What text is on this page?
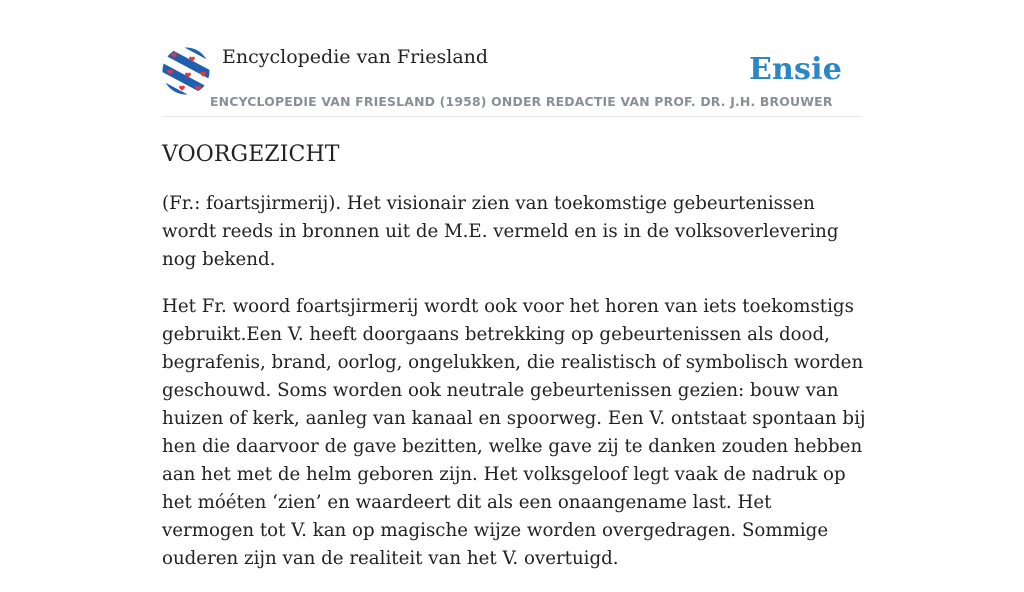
Encyclopedie van Friesland	Ensie
ENCYCLOPEDIE VAN FRIESLAND (1958) ONDER REDACTIE VAN PROF. DR. J.H. BROUWER
VOORGEZICHT

(Fr.: foartsjirmerij). Het visionair zien van toekomstige gebeurtenissen wordt reeds in bronnen uit de M.E. vermeld en is in de volksoverlevering nog bekend.

Het Fr. woord foartsjirmerij wordt ook voor het horen van iets toekomstigs gebruikt.Een V. heeft doorgaans betrekking op gebeurtenissen als dood, begrafenis, brand, oorlog, ongelukken, die realistisch of symbolisch worden geschouwd. Soms worden ook neutrale gebeurtenissen gezien: bouw van huizen of kerk, aanleg van kanaal en spoorweg. Een V. ontstaat spontaan bij hen die daarvoor de gave bezitten, welke gave zij te danken zouden hebben aan het met de helm geboren zijn. Het volksgeloof legt vaak de nadruk op het móéten ‘zien’ en waardeert dit als een onaangename last. Het vermogen tot V. kan op magische wijze worden overgedragen. Sommige ouderen zijn van de realiteit van het V. overtuigd.
